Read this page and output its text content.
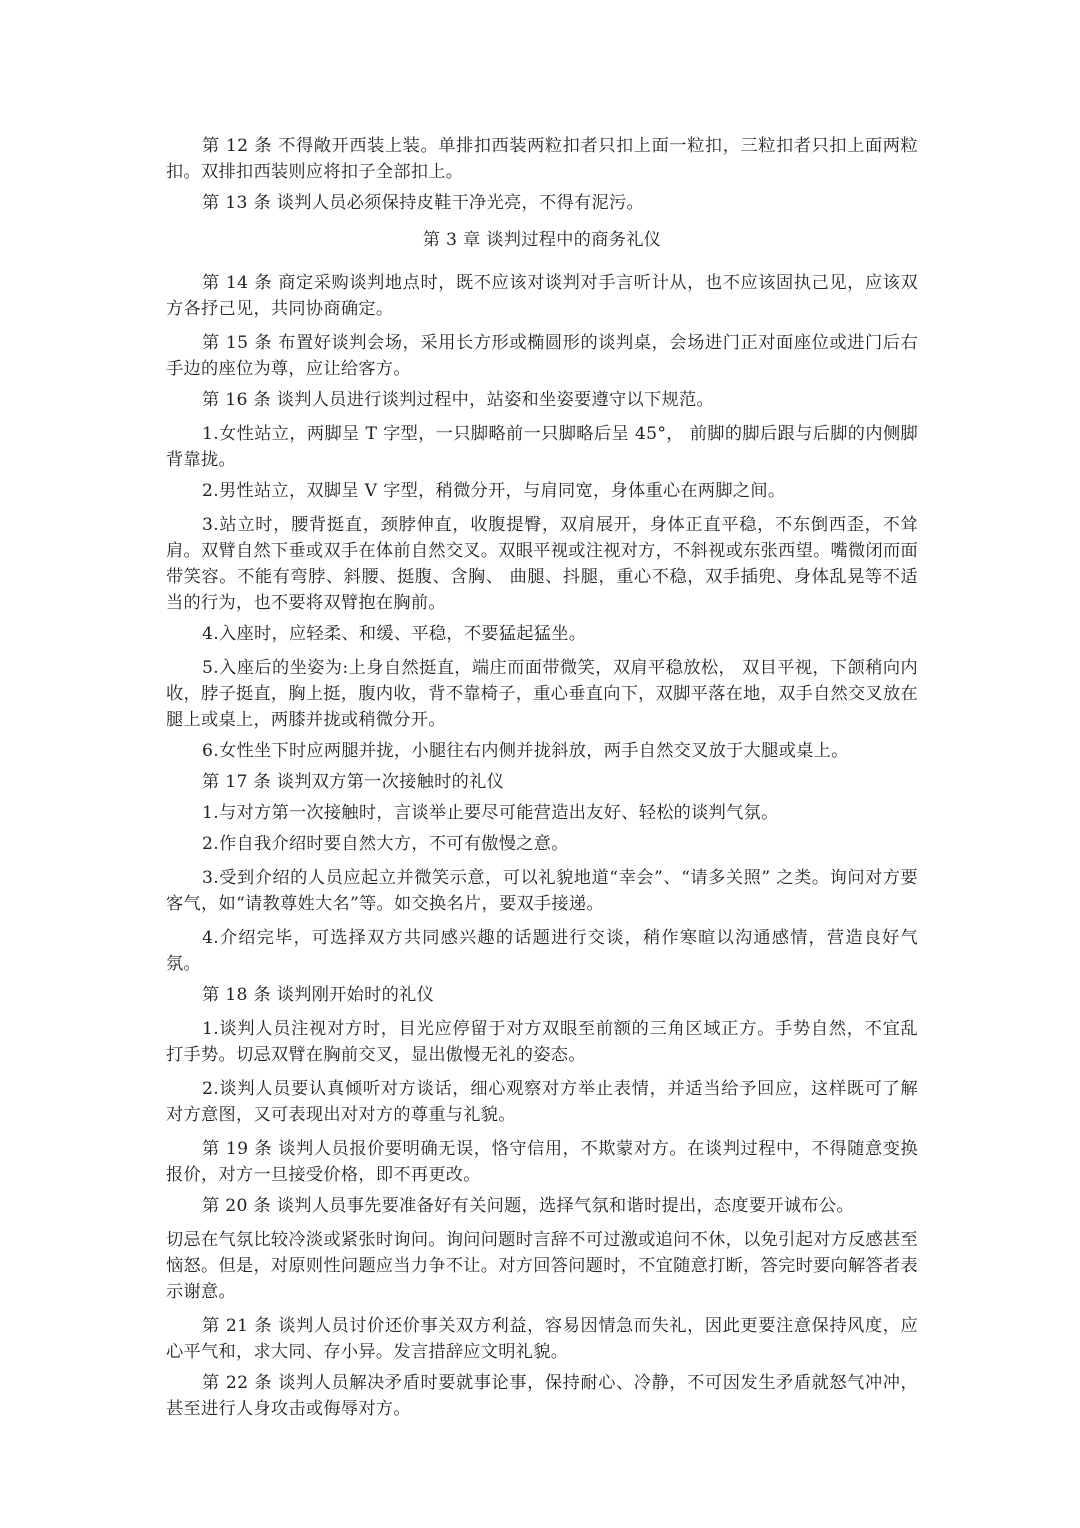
第 12 条 不得敞开西装上装。单排扣西装两粒扣者只扣上面一粒扣，三粒扣者只扣上面两粒扣。双排扣西装则应将扣子全部扣上。

第 13 条 谈判人员必须保持皮鞋干净光亮，不得有泥污。

第 3 章 谈判过程中的商务礼仪

第 14 条 商定采购谈判地点时，既不应该对谈判对手言听计从，也不应该固执己见，应该双方各抒己见，共同协商确定。

第 15 条 布置好谈判会场，采用长方形或椭圆形的谈判桌，会场进门正对面座位或进门后右手边的座位为尊，应让给客方。

第 16 条 谈判人员进行谈判过程中，站姿和坐姿要遵守以下规范。

1.女性站立，两脚呈 T 字型，一只脚略前一只脚略后呈 45°， 前脚的脚后跟与后脚的内侧脚背靠拢。

2.男性站立，双脚呈 V 字型，稍微分开，与肩同宽，身体重心在两脚之间。

3.站立时，腰背挺直，颈脖伸直，收腹提臀，双肩展开，身体正直平稳，不东倒西歪，不耸肩。双臂自然下垂或双手在体前自然交叉。双眼平视或注视对方，不斜视或东张西望。嘴微闭而面带笑容。不能有弯脖、斜腰、挺腹、含胸、 曲腿、抖腿，重心不稳，双手插兜、身体乱晃等不适当的行为，也不要将双臂抱在胸前。

4.入座时，应轻柔、和缓、平稳，不要猛起猛坐。

5.入座后的坐姿为:上身自然挺直，端庄而面带微笑，双肩平稳放松， 双目平视，下颌稍向内收，脖子挺直，胸上挺，腹内收，背不靠椅子，重心垂直向下，双脚平落在地，双手自然交叉放在腿上或桌上，两膝并拢或稍微分开。

6.女性坐下时应两腿并拢，小腿往右内侧并拢斜放，两手自然交叉放于大腿或桌上。

第 17 条 谈判双方第一次接触时的礼仪

1.与对方第一次接触时，言谈举止要尽可能营造出友好、轻松的谈判气氛。

2.作自我介绍时要自然大方，不可有傲慢之意。

3.受到介绍的人员应起立并微笑示意，可以礼貌地道“幸会”、“请多关照” 之类。询问对方要客气，如“请教尊姓大名”等。如交换名片，要双手接递。

4.介绍完毕，可选择双方共同感兴趣的话题进行交谈，稍作寒暄以沟通感情，营造良好气氛。

第 18 条 谈判刚开始时的礼仪

1.谈判人员注视对方时，目光应停留于对方双眼至前额的三角区域正方。手势自然，不宜乱打手势。切忌双臂在胸前交叉，显出傲慢无礼的姿态。

2.谈判人员要认真倾听对方谈话，细心观察对方举止表情，并适当给予回应，这样既可了解对方意图，又可表现出对对方的尊重与礼貌。

第 19 条 谈判人员报价要明确无误，恪守信用，不欺蒙对方。在谈判过程中，不得随意变换报价，对方一旦接受价格，即不再更改。

第 20 条 谈判人员事先要准备好有关问题，选择气氛和谐时提出，态度要开诚布公。

切忌在气氛比较冷淡或紧张时询问。询问问题时言辞不可过激或追问不休，以免引起对方反感甚至恼怒。但是，对原则性问题应当力争不让。对方回答问题时，不宜随意打断，答完时要向解答者表示谢意。

第 21 条 谈判人员讨价还价事关双方利益，容易因情急而失礼，因此更要注意保持风度，应心平气和，求大同、存小异。发言措辞应文明礼貌。

第 22 条 谈判人员解决矛盾时要就事论事，保持耐心、冷静，不可因发生矛盾就怒气冲冲，甚至进行人身攻击或侮辱对方。
